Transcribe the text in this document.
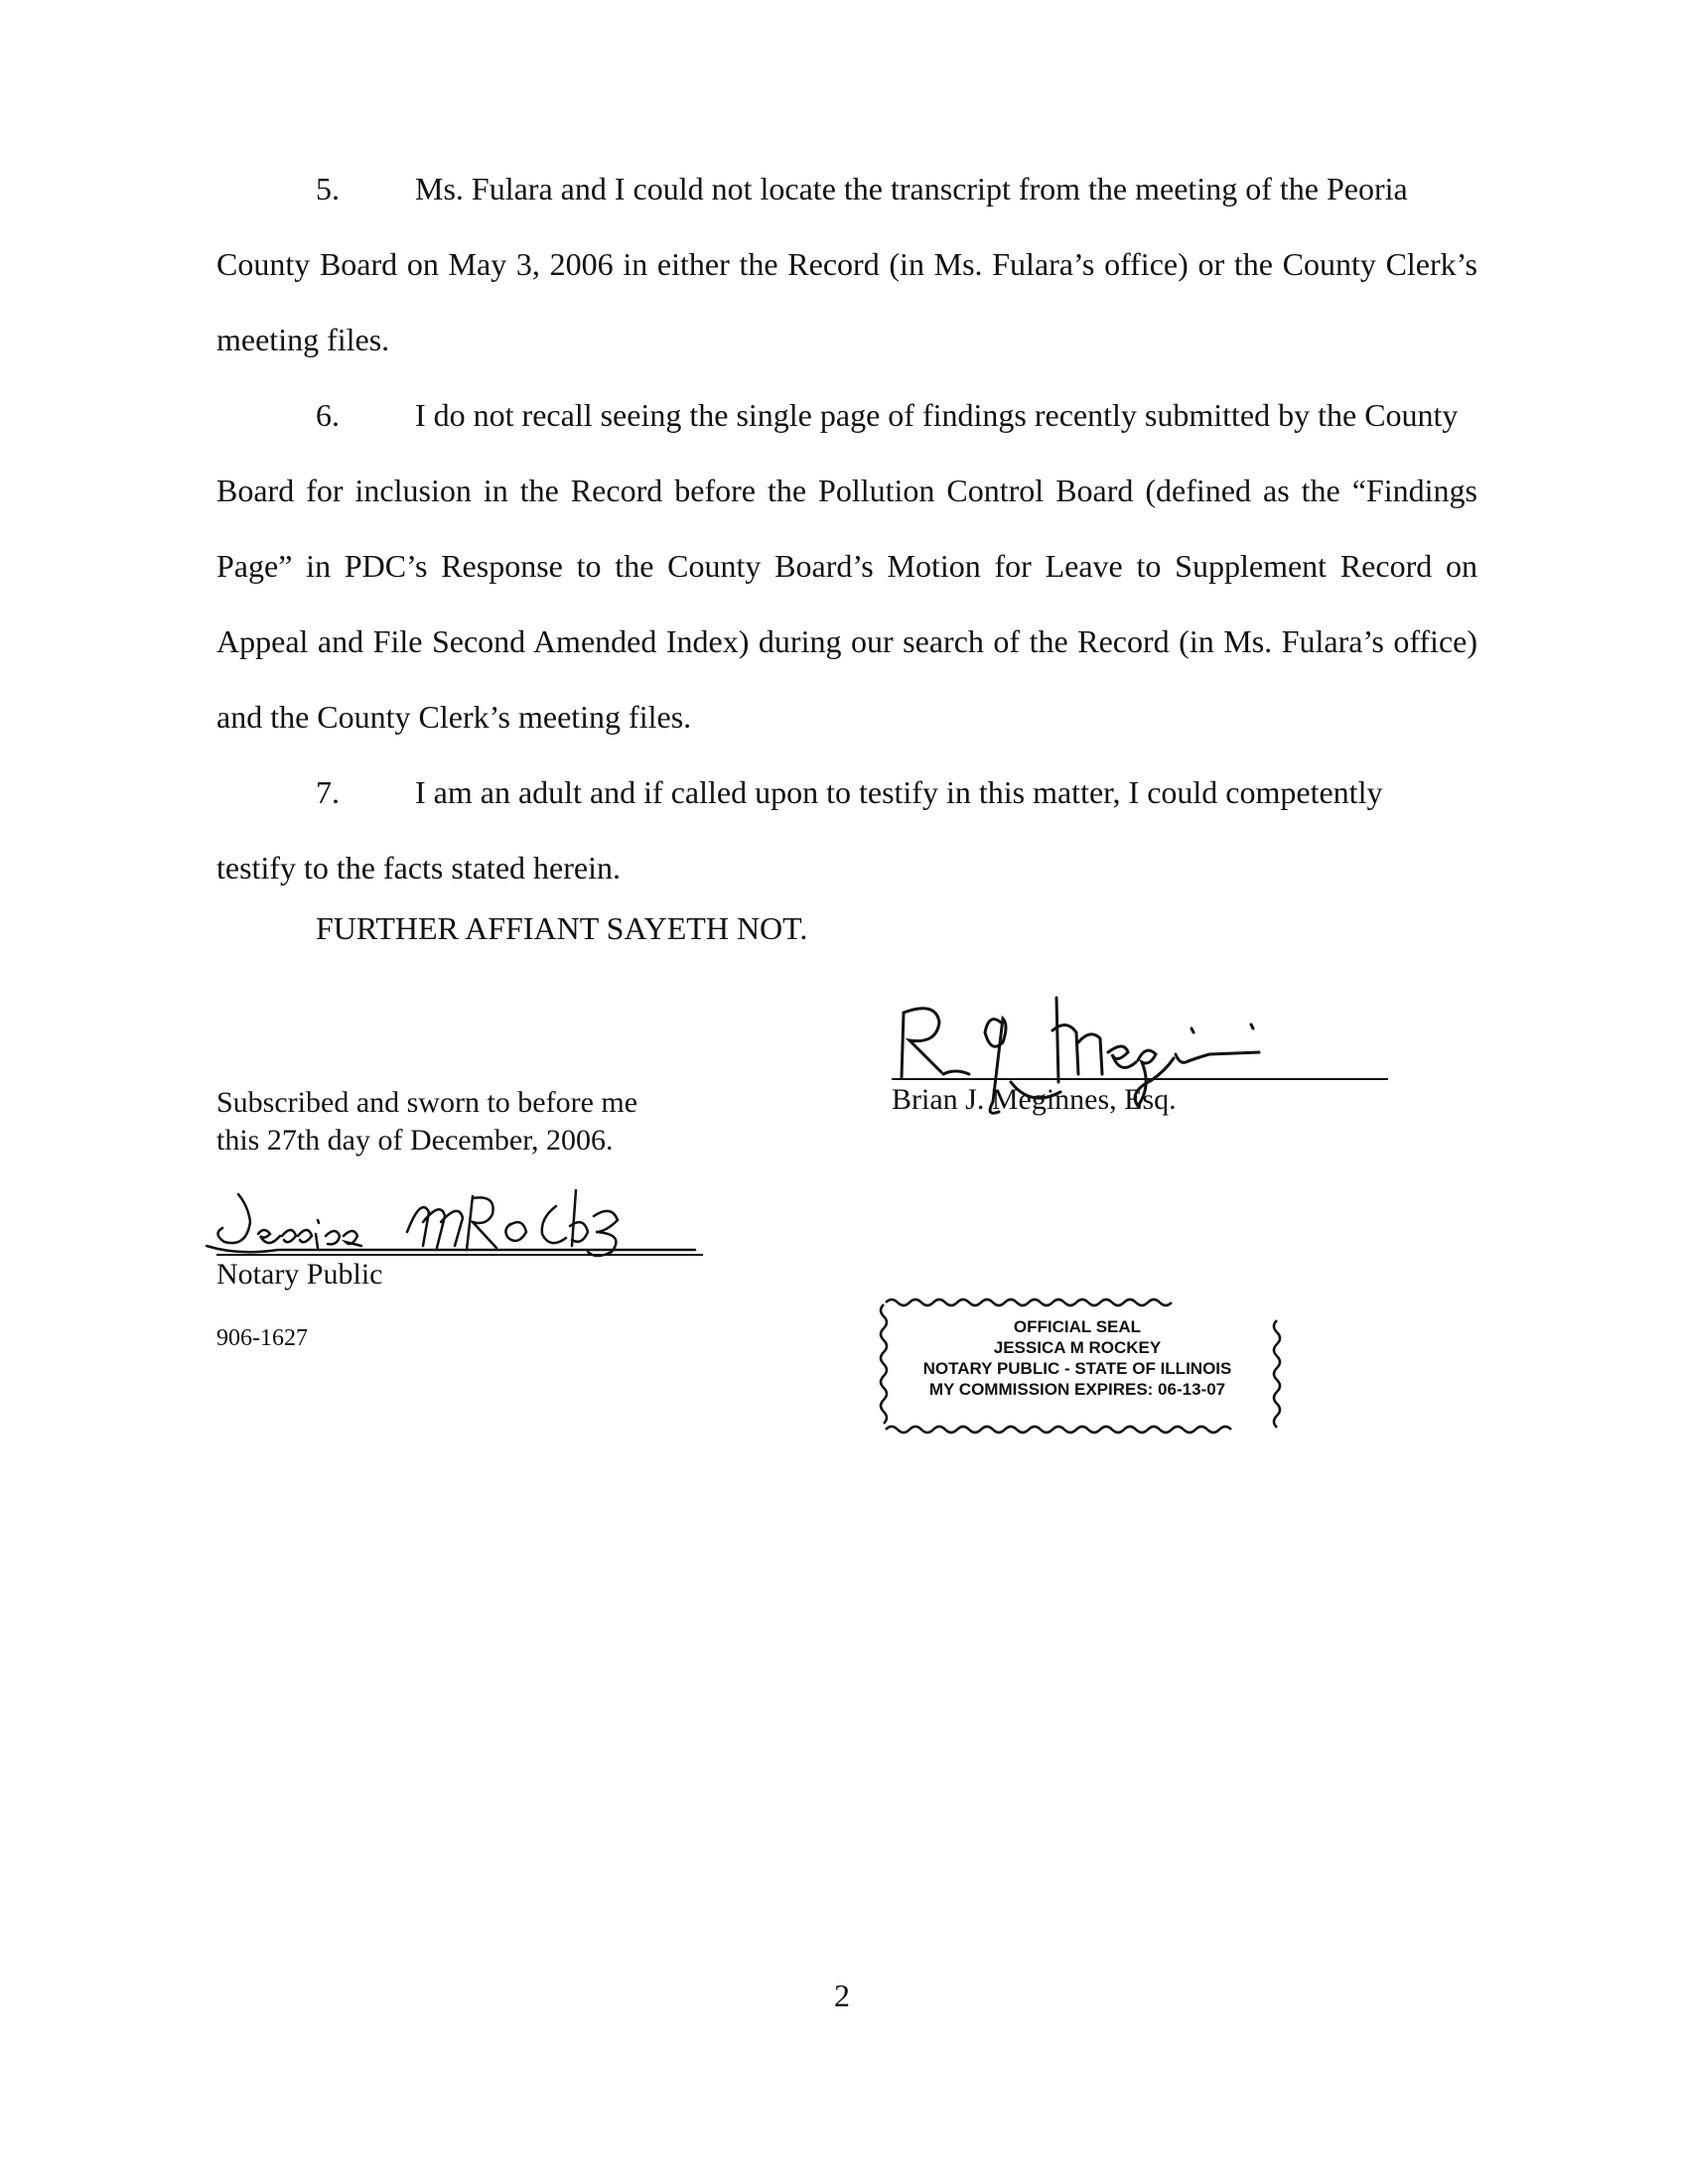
5. Ms. Fulara and I could not locate the transcript from the meeting of the Peoria

County Board on May 3, 2006 in either the Record (in Ms. Fulara’s office) or the County Clerk’s meeting files.

6. I do not recall seeing the single page of findings recently submitted by the County

Board for inclusion in the Record before the Pollution Control Board (defined as the “Findings Page” in PDC’s Response to the County Board’s Motion for Leave to Supplement Record on Appeal and File Second Amended Index) during our search of the Record (in Ms. Fulara’s office) and the County Clerk’s meeting files.

7. I am an adult and if called upon to testify in this matter, I could competently

testify to the facts stated herein.

FURTHER AFFIANT SAYETH NOT.
Brian J. Meginnes, Esq.
Subscribed and sworn to before me
this 27th day of December, 2006.
Notary Public
906-1627	OFFICIAL SEAL
JESSICA M ROCKEY
NOTARY PUBLIC - STATE OF ILLINOIS
MY COMMISSION EXPIRES: 06-13-07
2
